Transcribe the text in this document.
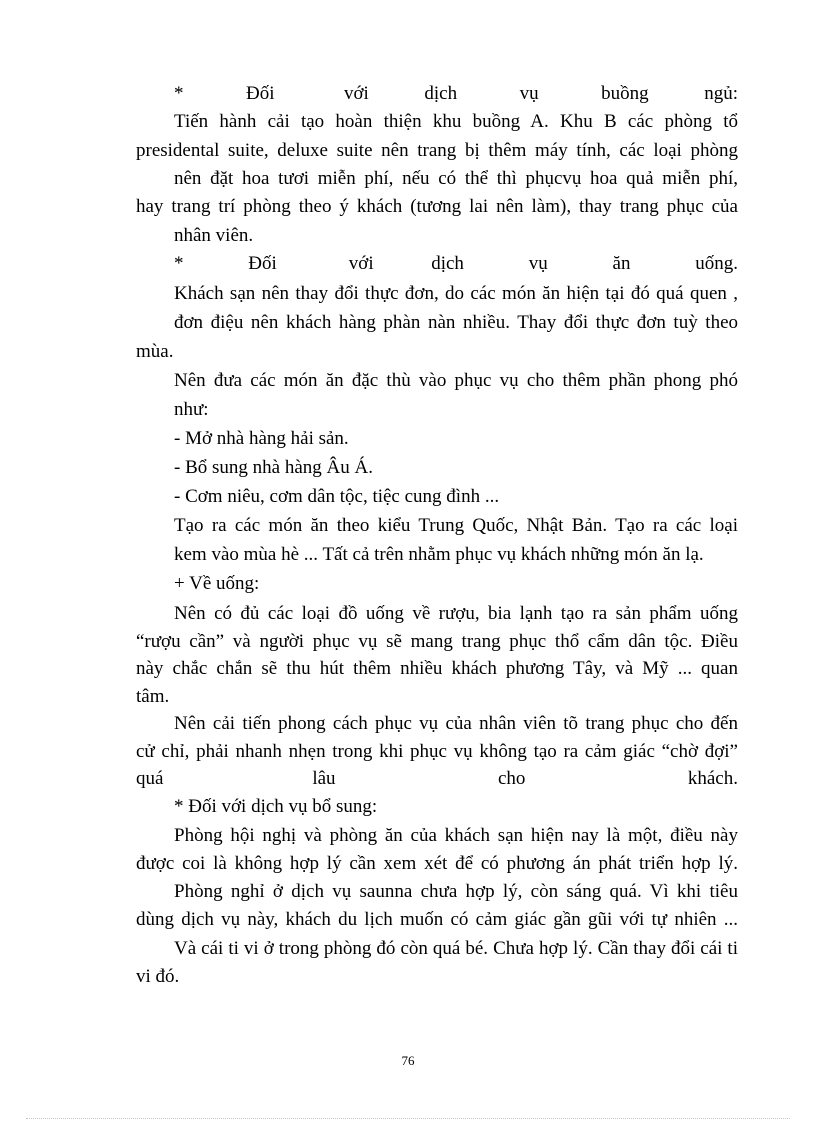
*         Đối          với        dịch         vụ         buồng        ngủ:
Tiến hành cải tạo hoàn thiện khu buồng A. Khu B các phòng tổ
presidental suite, deluxe suite nên trang bị thêm máy tính, các loại phòng
nên đặt hoa tươi miễn phí, nếu có thể thì phụcvụ hoa quả miễn phí,
hay trang trí phòng theo ý khách (tương lai nên làm), thay trang phục của
nhân viên.
*         Đối          với        dịch         vụ         ăn         uống.
Khách sạn nên thay đổi thực đơn, do các món ăn hiện tại đó quá quen ,
đơn điệu nên khách hàng phàn nàn nhiều. Thay đổi thực đơn tuỳ theo
mùa.
Nên đưa các món ăn đặc thù vào phục vụ cho thêm phần phong phó
như:
- Mở nhà hàng hải sản.
- Bổ sung nhà hàng Âu Á.
- Cơm niêu, cơm dân tộc, tiệc cung đình ...
Tạo ra các món ăn theo kiểu Trung Quốc, Nhật Bản. Tạo ra các loại
kem vào mùa hè ... Tất cả trên nhằm phục vụ khách những món ăn lạ.
+ Về uống:
Nên có đủ các loại đồ uống về rượu, bia lạnh tạo ra sản phẩm uống
“rượu cần” và người phục vụ sẽ mang trang phục thổ cẩm dân tộc. Điều
này chắc chắn sẽ thu hút thêm nhiều khách phương Tây, và Mỹ ... quan
tâm.
Nên cải tiến phong cách phục vụ của nhân viên tõ trang phục cho đến
cử chỉ, phải nhanh nhẹn trong khi phục vụ không tạo ra cảm giác “chờ đợi”
quá                      lâu                        cho                        khách.
* Đối với dịch vụ bổ sung:
Phòng hội nghị và phòng ăn của khách sạn hiện nay là một, điều này
được coi là không hợp lý cần xem xét để có phương án phát triển hợp lý.
Phòng nghỉ ở dịch vụ saunna chưa hợp lý, còn sáng quá. Vì khi tiêu
dùng dịch vụ này, khách du lịch muốn có cảm giác gần gũi với tự nhiên ...
Và cái ti vi ở trong phòng đó còn quá bé. Chưa hợp lý. Cần thay đổi cái ti
vi đó.
76
